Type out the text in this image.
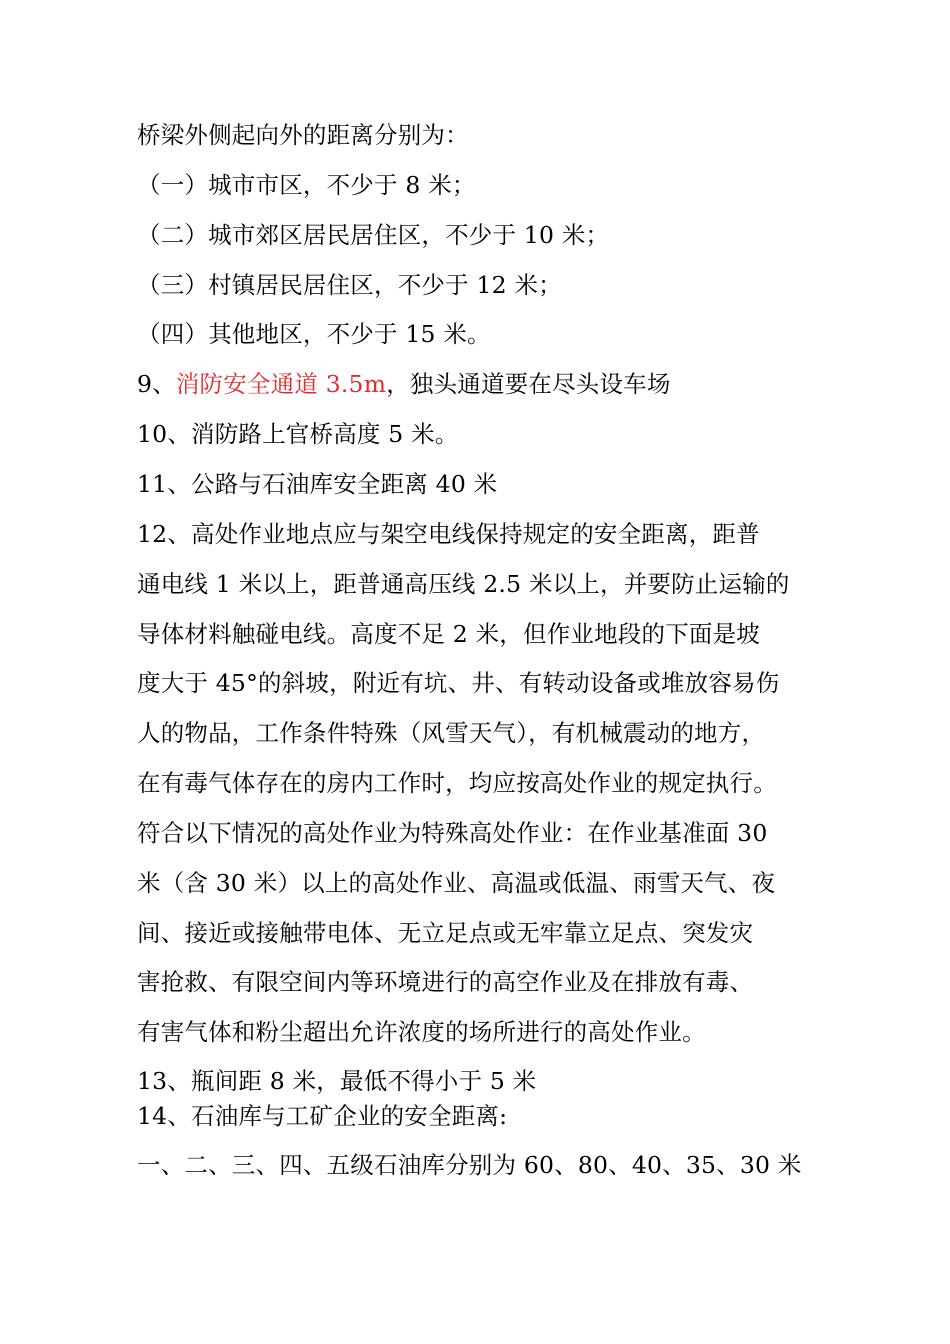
桥梁外侧起向外的距离分别为：
（一）城市市区，不少于 8 米；
（二）城市郊区居民居住区，不少于 10 米；
（三）村镇居民居住区，不少于 12 米；
（四）其他地区，不少于 15 米。
9、消防安全通道 3.5m，独头通道要在尽头设车场
10、消防路上官桥高度 5 米。
11、公路与石油库安全距离 40 米
12、高处作业地点应与架空电线保持规定的安全距离，距普
通电线 1 米以上，距普通高压线 2.5 米以上，并要防止运输的
导体材料触碰电线。高度不足 2 米，但作业地段的下面是坡
度大于 45°的斜坡，附近有坑、井、有转动设备或堆放容易伤
人的物品，工作条件特殊（风雪天气），有机械震动的地方，
在有毒气体存在的房内工作时，均应按高处作业的规定执行。
符合以下情况的高处作业为特殊高处作业：在作业基准面 30
米（含 30 米）以上的高处作业、高温或低温、雨雪天气、夜
间、接近或接触带电体、无立足点或无牢靠立足点、突发灾
害抢救、有限空间内等环境进行的高空作业及在排放有毒、
有害气体和粉尘超出允许浓度的场所进行的高处作业。
13、瓶间距 8 米，最低不得小于 5 米
14、石油库与工矿企业的安全距离:
一、二、三、四、五级石油库分别为 60、80、40、35、30 米
